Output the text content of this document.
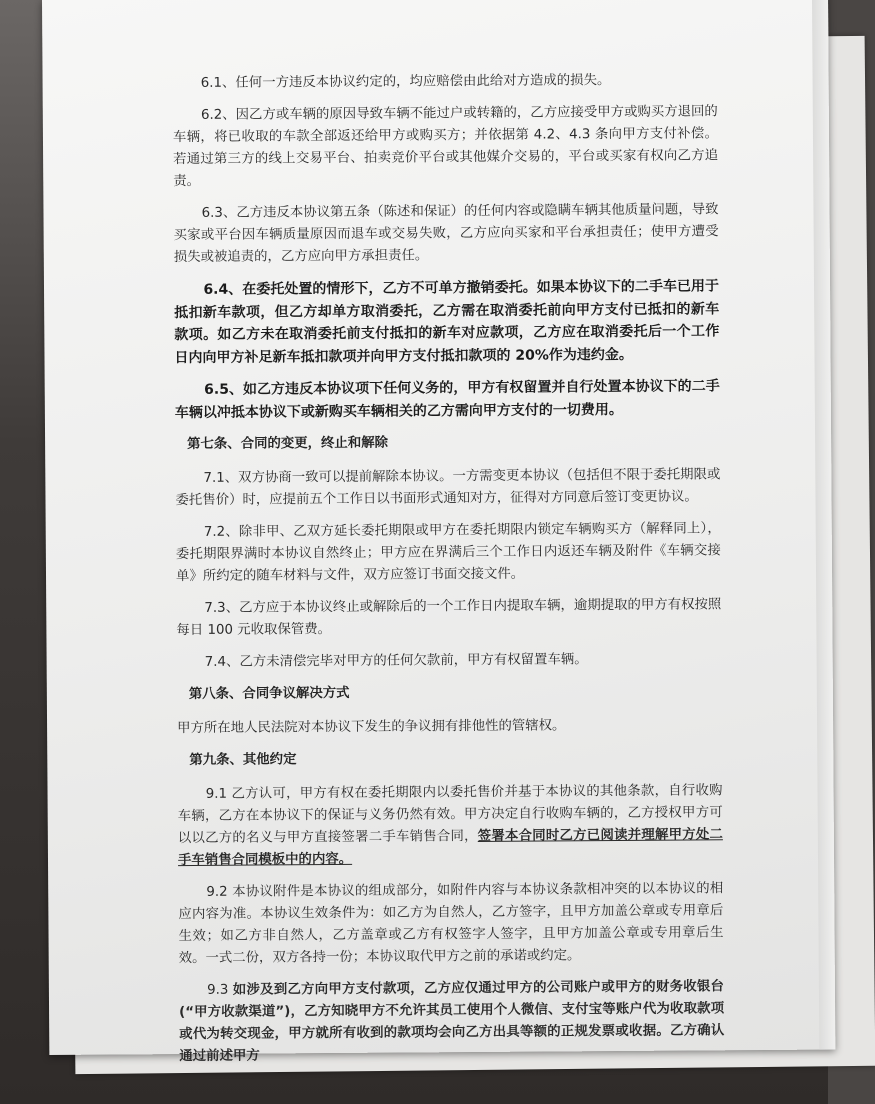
6.1、任何一方违反本协议约定的，均应赔偿由此给对方造成的损失。

6.2、因乙方或车辆的原因导致车辆不能过户或转籍的，乙方应接受甲方或购买方退回的车辆，将已收取的车款全部返还给甲方或购买方；并依据第 4.2、4.3 条向甲方支付补偿。 若通过第三方的线上交易平台、拍卖竞价平台或其他媒介交易的，平台或买家有权向乙方追责。

6.3、乙方违反本协议第五条（陈述和保证）的任何内容或隐瞒车辆其他质量问题，导致买家或平台因车辆质量原因而退车或交易失败，乙方应向买家和平台承担责任；使甲方遭受损失或被追责的，乙方应向甲方承担责任。

6.4、在委托处置的情形下，乙方不可单方撤销委托。如果本协议下的二手车已用于抵扣新车款项，但乙方却单方取消委托，乙方需在取消委托前向甲方支付已抵扣的新车款项。如乙方未在取消委托前支付抵扣的新车对应款项，乙方应在取消委托后一个工作日内向甲方补足新车抵扣款项并向甲方支付抵扣款项的 20%作为违约金。

6.5、如乙方违反本协议项下任何义务的，甲方有权留置并自行处置本协议下的二手车辆以冲抵本协议下或新购买车辆相关的乙方需向甲方支付的一切费用。

第七条、合同的变更，终止和解除

7.1、双方协商一致可以提前解除本协议。一方需变更本协议（包括但不限于委托期限或委托售价）时，应提前五个工作日以书面形式通知对方，征得对方同意后签订变更协议。

7.2、除非甲、乙双方延长委托期限或甲方在委托期限内锁定车辆购买方（解释同上），委托期限界满时本协议自然终止；甲方应在界满后三个工作日内返还车辆及附件《车辆交接单》所约定的随车材料与文件，双方应签订书面交接文件。

7.3、乙方应于本协议终止或解除后的一个工作日内提取车辆，逾期提取的甲方有权按照每日 100 元收取保管费。

7.4、乙方未清偿完毕对甲方的任何欠款前，甲方有权留置车辆。

第八条、合同争议解决方式

甲方所在地人民法院对本协议下发生的争议拥有排他性的管辖权。

第九条、其他约定

9.1 乙方认可，甲方有权在委托期限内以委托售价并基于本协议的其他条款，自行收购车辆，乙方在本协议下的保证与义务仍然有效。甲方决定自行收购车辆的，乙方授权甲方可以以乙方的名义与甲方直接签署二手车销售合同，签署本合同时乙方已阅读并理解甲方处二手车销售合同模板中的内容。

9.2 本协议附件是本协议的组成部分，如附件内容与本协议条款相冲突的以本协议的相应内容为准。本协议生效条件为：如乙方为自然人，乙方签字，且甲方加盖公章或专用章后生效；如乙方非自然人，乙方盖章或乙方有权签字人签字，且甲方加盖公章或专用章后生效。一式二份，双方各持一份；本协议取代甲方之前的承诺或约定。

9.3 如涉及到乙方向甲方支付款项，乙方应仅通过甲方的公司账户或甲方的财务收银台(“甲方收款渠道”)，乙方知晓甲方不允许其员工使用个人微信、支付宝等账户代为收取款项或代为转交现金，甲方就所有收到的款项均会向乙方出具等额的正规发票或收据。乙方确认通过前述甲方
